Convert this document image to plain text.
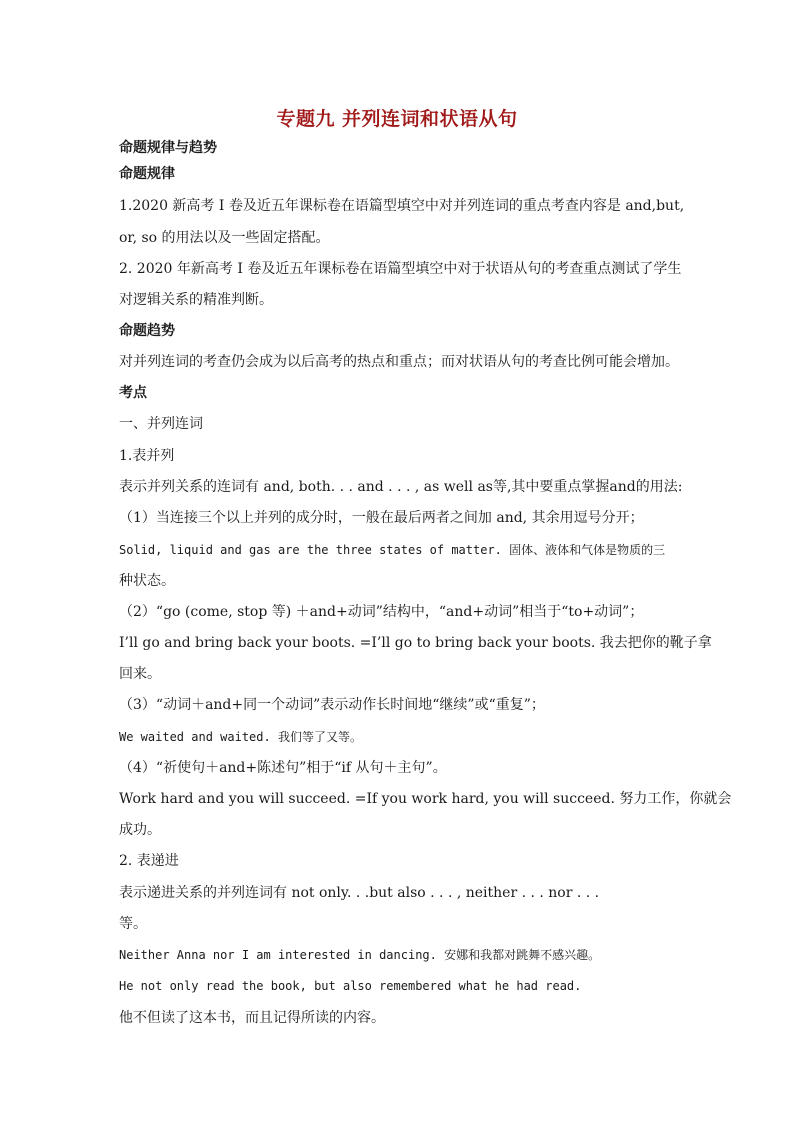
专题九 并列连词和状语从句
命题规律与趋势
命题规律
1.2020 新高考 I 卷及近五年课标卷在语篇型填空中对并列连词的重点考查内容是 and,but,
or, so 的用法以及一些固定搭配。
2. 2020 年新高考 I 卷及近五年课标卷在语篇型填空中对于状语从句的考查重点测试了学生
对逻辑关系的精准判断。
命题趋势
对并列连词的考查仍会成为以后高考的热点和重点；而对状语从句的考查比例可能会增加。
考点
一、并列连词
1.表并列
表示并列关系的连词有 and, both. . . and . . . , as well as等,其中要重点掌握and的用法:
（1）当连接三个以上并列的成分时，一般在最后两者之间加 and, 其余用逗号分开；
Solid, liquid and gas are the three states of matter. 固体、液体和气体是物质的三
种状态。
（2）“go (come, stop 等) ＋and+动词”结构中，“and+动词”相当于“to+动词”；
I’ll go and bring back your boots. =I’ll go to bring back your boots. 我去把你的靴子拿
回来。
（3）“动词＋and+同一个动词”表示动作长时间地“继续”或“重复”；
We waited and waited. 我们等了又等。
（4）“祈使句＋and+陈述句”相于“if 从句＋主句”。
Work hard and you will succeed. =If you work hard, you will succeed. 努力工作，你就会
成功。
2. 表递进
表示递进关系的并列连词有 not only. . .but also . . . , neither . . . nor . . .
等。
Neither Anna nor I am interested in dancing. 安娜和我都对跳舞不感兴趣。
He not only read the book, but also remembered what he had read.
他不但读了这本书，而且记得所读的内容。
